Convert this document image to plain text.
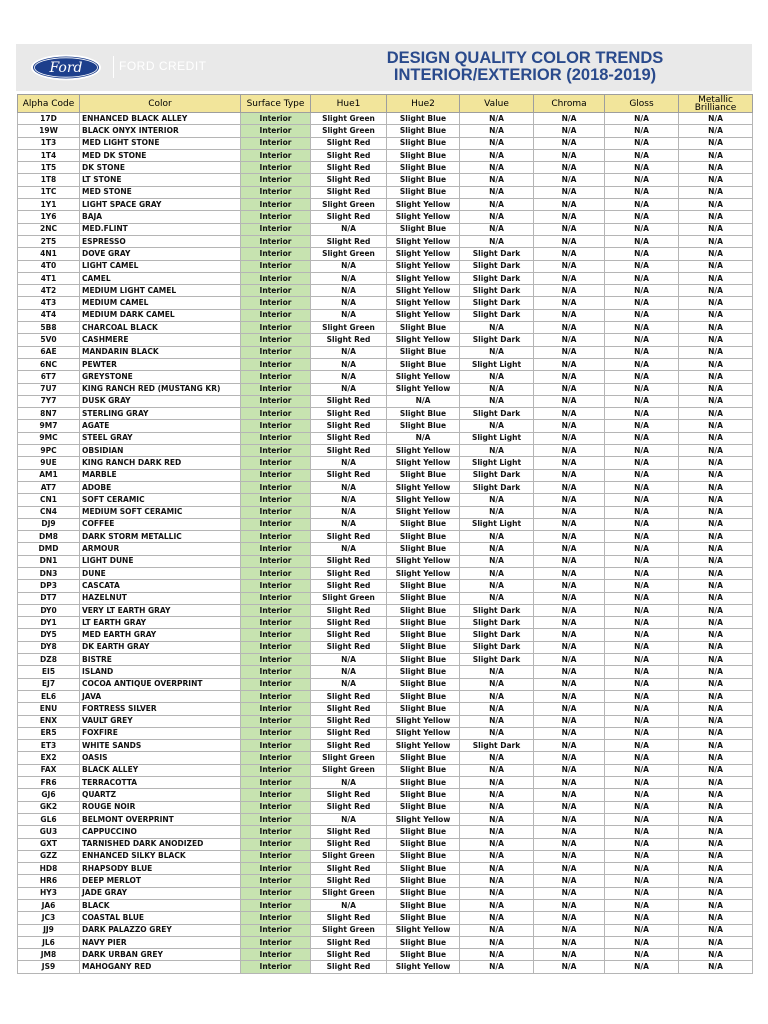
Ford	FORD CREDIT	DESIGN QUALITY COLOR TRENDS
INTERIOR/EXTERIOR (2018-2019)
Alpha Code	Color	Surface Type	Hue1	Hue2	Value	Chroma	Gloss	Metallic Brilliance
17D	ENHANCED BLACK ALLEY	Interior	Slight Green	Slight Blue	N/A	N/A	N/A	N/A
19W	BLACK ONYX INTERIOR	Interior	Slight Green	Slight Blue	N/A	N/A	N/A	N/A
1T3	MED LIGHT STONE	Interior	Slight Red	Slight Blue	N/A	N/A	N/A	N/A
1T4	MED DK STONE	Interior	Slight Red	Slight Blue	N/A	N/A	N/A	N/A
1T5	DK STONE	Interior	Slight Red	Slight Blue	N/A	N/A	N/A	N/A
1T8	LT STONE	Interior	Slight Red	Slight Blue	N/A	N/A	N/A	N/A
1TC	MED STONE	Interior	Slight Red	Slight Blue	N/A	N/A	N/A	N/A
1Y1	LIGHT SPACE GRAY	Interior	Slight Green	Slight Yellow	N/A	N/A	N/A	N/A
1Y6	BAJA	Interior	Slight Red	Slight Yellow	N/A	N/A	N/A	N/A
2NC	MED.FLINT	Interior	N/A	Slight Blue	N/A	N/A	N/A	N/A
2T5	ESPRESSO	Interior	Slight Red	Slight Yellow	N/A	N/A	N/A	N/A
4N1	DOVE GRAY	Interior	Slight Green	Slight Yellow	Slight Dark	N/A	N/A	N/A
4T0	LIGHT CAMEL	Interior	N/A	Slight Yellow	Slight Dark	N/A	N/A	N/A
4T1	CAMEL	Interior	N/A	Slight Yellow	Slight Dark	N/A	N/A	N/A
4T2	MEDIUM LIGHT CAMEL	Interior	N/A	Slight Yellow	Slight Dark	N/A	N/A	N/A
4T3	MEDIUM CAMEL	Interior	N/A	Slight Yellow	Slight Dark	N/A	N/A	N/A
4T4	MEDIUM DARK CAMEL	Interior	N/A	Slight Yellow	Slight Dark	N/A	N/A	N/A
5B8	CHARCOAL BLACK	Interior	Slight Green	Slight Blue	N/A	N/A	N/A	N/A
5V0	CASHMERE	Interior	Slight Red	Slight Yellow	Slight Dark	N/A	N/A	N/A
6AE	MANDARIN BLACK	Interior	N/A	Slight Blue	N/A	N/A	N/A	N/A
6NC	PEWTER	Interior	N/A	Slight Blue	Slight Light	N/A	N/A	N/A
6T7	GREYSTONE	Interior	N/A	Slight Yellow	N/A	N/A	N/A	N/A
7U7	KING RANCH RED (MUSTANG KR)	Interior	N/A	Slight Yellow	N/A	N/A	N/A	N/A
7Y7	DUSK GRAY	Interior	Slight Red	N/A	N/A	N/A	N/A	N/A
8N7	STERLING GRAY	Interior	Slight Red	Slight Blue	Slight Dark	N/A	N/A	N/A
9M7	AGATE	Interior	Slight Red	Slight Blue	N/A	N/A	N/A	N/A
9MC	STEEL GRAY	Interior	Slight Red	N/A	Slight Light	N/A	N/A	N/A
9PC	OBSIDIAN	Interior	Slight Red	Slight Yellow	N/A	N/A	N/A	N/A
9UE	KING RANCH DARK RED	Interior	N/A	Slight Yellow	Slight Light	N/A	N/A	N/A
AM1	MARBLE	Interior	Slight Red	Slight Blue	Slight Dark	N/A	N/A	N/A
AT7	ADOBE	Interior	N/A	Slight Yellow	Slight Dark	N/A	N/A	N/A
CN1	SOFT CERAMIC	Interior	N/A	Slight Yellow	N/A	N/A	N/A	N/A
CN4	MEDIUM SOFT CERAMIC	Interior	N/A	Slight Yellow	N/A	N/A	N/A	N/A
DJ9	COFFEE	Interior	N/A	Slight Blue	Slight Light	N/A	N/A	N/A
DM8	DARK STORM METALLIC	Interior	Slight Red	Slight Blue	N/A	N/A	N/A	N/A
DMD	ARMOUR	Interior	N/A	Slight Blue	N/A	N/A	N/A	N/A
DN1	LIGHT DUNE	Interior	Slight Red	Slight Yellow	N/A	N/A	N/A	N/A
DN3	DUNE	Interior	Slight Red	Slight Yellow	N/A	N/A	N/A	N/A
DP3	CASCATA	Interior	Slight Red	Slight Blue	N/A	N/A	N/A	N/A
DT7	HAZELNUT	Interior	Slight Green	Slight Blue	N/A	N/A	N/A	N/A
DY0	VERY LT EARTH GRAY	Interior	Slight Red	Slight Blue	Slight Dark	N/A	N/A	N/A
DY1	LT EARTH GRAY	Interior	Slight Red	Slight Blue	Slight Dark	N/A	N/A	N/A
DY5	MED EARTH GRAY	Interior	Slight Red	Slight Blue	Slight Dark	N/A	N/A	N/A
DY8	DK EARTH GRAY	Interior	Slight Red	Slight Blue	Slight Dark	N/A	N/A	N/A
DZ8	BISTRE	Interior	N/A	Slight Blue	Slight Dark	N/A	N/A	N/A
EI5	ISLAND	Interior	N/A	Slight Blue	N/A	N/A	N/A	N/A
EJ7	COCOA ANTIQUE OVERPRINT	Interior	N/A	Slight Blue	N/A	N/A	N/A	N/A
EL6	JAVA	Interior	Slight Red	Slight Blue	N/A	N/A	N/A	N/A
ENU	FORTRESS SILVER	Interior	Slight Red	Slight Blue	N/A	N/A	N/A	N/A
ENX	VAULT GREY	Interior	Slight Red	Slight Yellow	N/A	N/A	N/A	N/A
ER5	FOXFIRE	Interior	Slight Red	Slight Yellow	N/A	N/A	N/A	N/A
ET3	WHITE SANDS	Interior	Slight Red	Slight Yellow	Slight Dark	N/A	N/A	N/A
EX2	OASIS	Interior	Slight Green	Slight Blue	N/A	N/A	N/A	N/A
FAX	BLACK ALLEY	Interior	Slight Green	Slight Blue	N/A	N/A	N/A	N/A
FR6	TERRACOTTA	Interior	N/A	Slight Blue	N/A	N/A	N/A	N/A
GJ6	QUARTZ	Interior	Slight Red	Slight Blue	N/A	N/A	N/A	N/A
GK2	ROUGE NOIR	Interior	Slight Red	Slight Blue	N/A	N/A	N/A	N/A
GL6	BELMONT OVERPRINT	Interior	N/A	Slight Yellow	N/A	N/A	N/A	N/A
GU3	CAPPUCCINO	Interior	Slight Red	Slight Blue	N/A	N/A	N/A	N/A
GXT	TARNISHED DARK ANODIZED	Interior	Slight Red	Slight Blue	N/A	N/A	N/A	N/A
GZZ	ENHANCED SILKY BLACK	Interior	Slight Green	Slight Blue	N/A	N/A	N/A	N/A
HD8	RHAPSODY BLUE	Interior	Slight Red	Slight Blue	N/A	N/A	N/A	N/A
HR6	DEEP MERLOT	Interior	Slight Red	Slight Blue	N/A	N/A	N/A	N/A
HY3	JADE GRAY	Interior	Slight Green	Slight Blue	N/A	N/A	N/A	N/A
JA6	BLACK	Interior	N/A	Slight Blue	N/A	N/A	N/A	N/A
JC3	COASTAL BLUE	Interior	Slight Red	Slight Blue	N/A	N/A	N/A	N/A
JJ9	DARK PALAZZO GREY	Interior	Slight Green	Slight Yellow	N/A	N/A	N/A	N/A
JL6	NAVY PIER	Interior	Slight Red	Slight Blue	N/A	N/A	N/A	N/A
JM8	DARK URBAN GREY	Interior	Slight Red	Slight Blue	N/A	N/A	N/A	N/A
JS9	MAHOGANY RED	Interior	Slight Red	Slight Yellow	N/A	N/A	N/A	N/A
